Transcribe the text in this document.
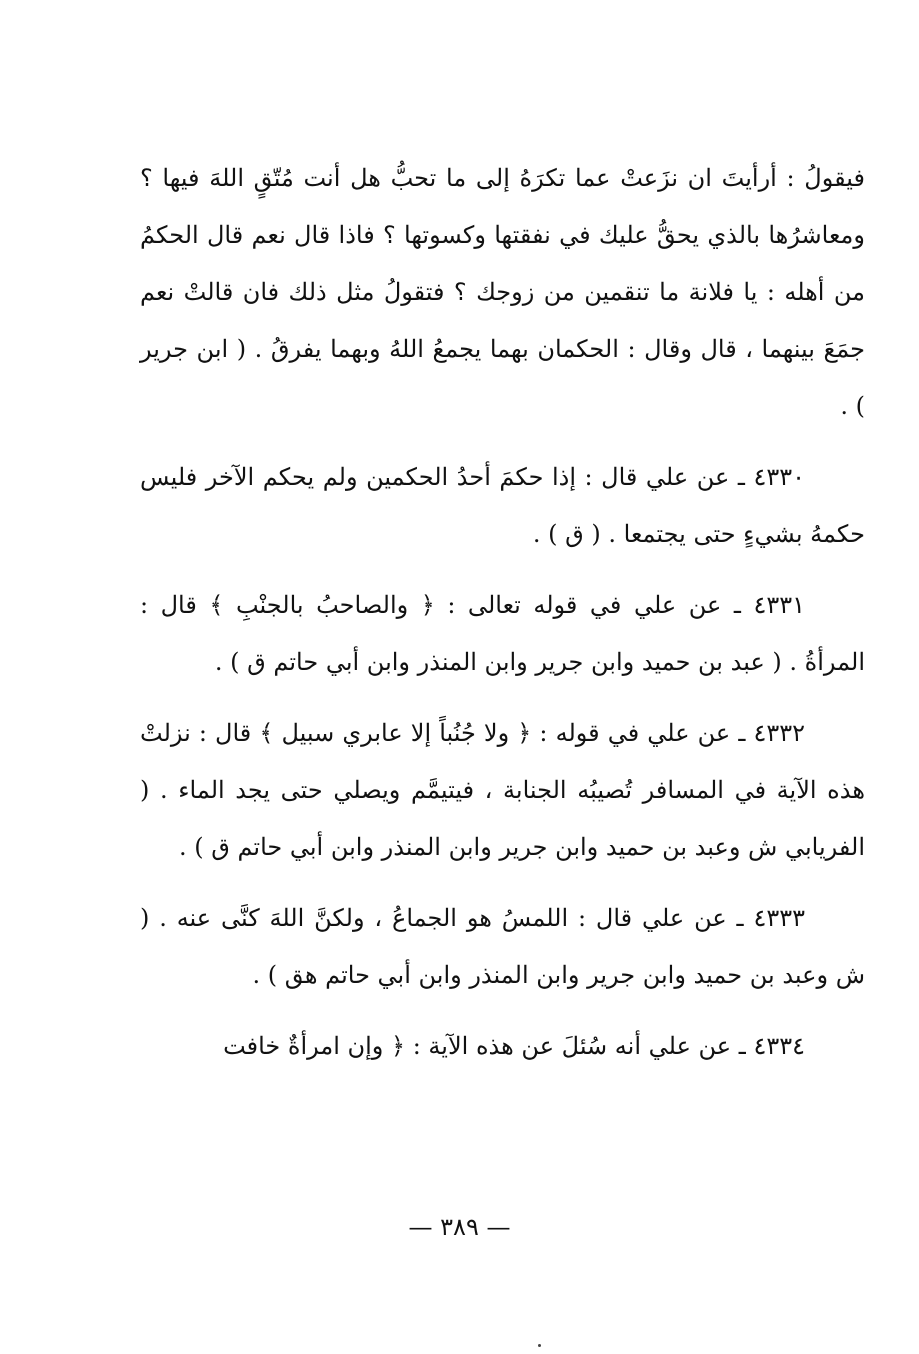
فيقولُ : أرأيتَ ان نزَعتْ عما تكرَهُ إلى ما تحبُّ هل أنت مُتّقٍ اللهَ فيها ؟ ومعاشرُها بالذي يحقُّ عليك في نفقتها وكسوتها ؟ فاذا قال نعم قال الحكمُ من أهله : يا فلانة ما تنقمين من زوجك ؟ فتقولُ مثل ذلك فان قالتْ نعم جمَعَ بينهما ، قال وقال : الحكمان بهما يجمعُ اللهُ وبهما يفرقُ . ( ابن جرير ) .

٤٣٣٠ ـ عن علي قال : إذا حكمَ أحدُ الحكمين ولم يحكم الآخر فليس حكمهُ بشيءٍ حتى يجتمعا . ( ق ) .

٤٣٣١ ـ عن علي في قوله تعالى : ﴿ والصاحبُ بالجنْبِ ﴾ قال : المرأةُ . ( عبد بن حميد وابن جرير وابن المنذر وابن أبي حاتم ق ) .

٤٣٣٢ ـ عن علي في قوله : ﴿ ولا جُنُباً إلا عابري سبيل ﴾ قال : نزلتْ هذه الآية في المسافر تُصيبُه الجنابة ، فيتيمَّم ويصلي حتى يجد الماء . ( الفريابي ش وعبد بن حميد وابن جرير وابن المنذر وابن أبي حاتم ق ) .

٤٣٣٣ ـ عن علي قال : اللمسُ هو الجماعُ ، ولكنَّ اللهَ كنَّى عنه . ( ش وعبد بن حميد وابن جرير وابن المنذر وابن أبي حاتم هق ) .

٤٣٣٤ ـ عن علي أنه سُئلَ عن هذه الآية : ﴿ وإن امرأةٌ خافت

— ٣٨٩ —
